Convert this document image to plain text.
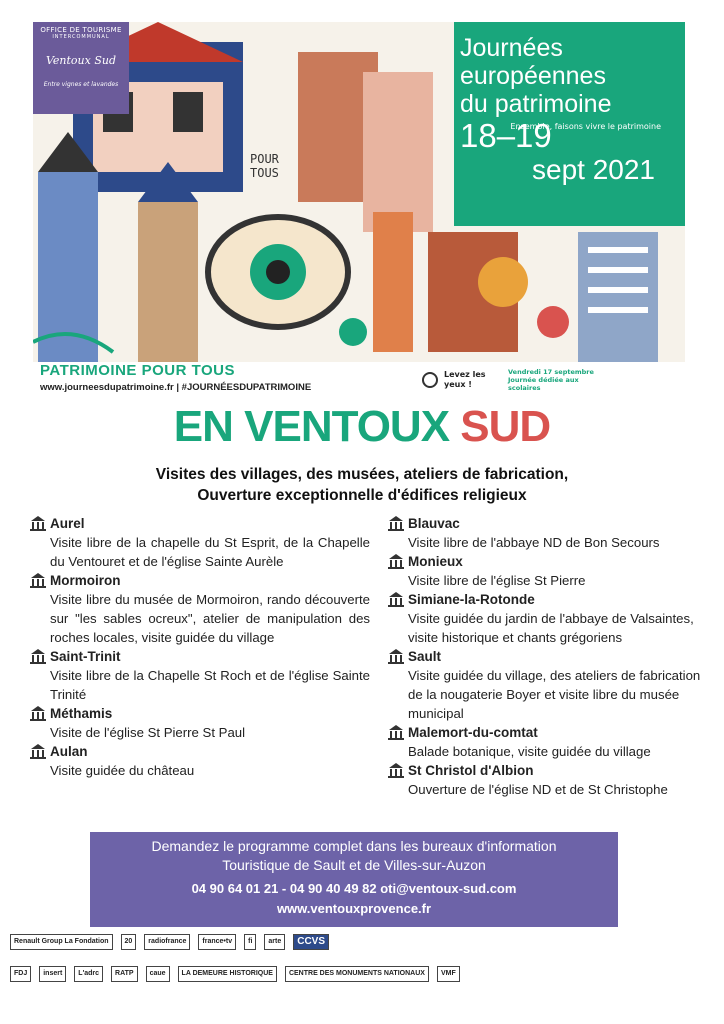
OFFICE DE TOURISME
INTERCOMMUNAL
Ventoux Sud
Entre vignes et lavandes
Journées
européennes
du patrimoine
Ensemble, faisons vivre le patrimoine
18–19
sept 2021
POUR TOUS
PATRIMOINE POUR TOUS
www.journeesdupatrimoine.fr | #JOURNÉESDUPATRIMOINE
Levez les yeux !
Vendredi 17 septembre Journée dédiée aux scolaires
EN VENTOUX SUD
Visites des villages, des musées, ateliers de fabrication,
Ouverture exceptionnelle d'édifices religieux
Aurel
Visite libre de la chapelle du St Esprit, de la Chapelle du Ventouret et de l'église Sainte Aurèle
Mormoiron
Visite libre du musée de Mormoiron, rando découverte sur "les sables ocreux", atelier de manipulation des roches locales, visite guidée du village
Saint-Trinit
Visite libre de la Chapelle St Roch et de l'église Sainte Trinité
Méthamis
Visite de l'église St Pierre St Paul
Aulan
Visite guidée du château
Blauvac
Visite libre de l'abbaye ND de Bon Secours
Monieux
Visite libre de l'église St Pierre
Simiane-la-Rotonde
Visite guidée du jardin de l'abbaye de Valsaintes, visite historique et chants grégoriens
Sault
Visite guidée du village, des ateliers de fabrication de la nougaterie Boyer et visite libre du musée municipal
Malemort-du-comtat
Balade botanique, visite guidée du village
St Christol d'Albion
Ouverture de l'église ND et de St Christophe
Demandez le programme complet dans les bureaux d'information
Touristique de Sault et de Villes-sur-Auzon
04 90 64 01 21 - 04 90 40 49 82 oti@ventoux-sud.com
www.ventouxprovence.fr
Renault Group La Fondation	20	radiofrance	france•tv	fi	arte	CCVS
FDJ	insert	L'adrc	RATP	caue	LA DEMEURE HISTORIQUE	CENTRE DES MONUMENTS NATIONAUX	VMF
